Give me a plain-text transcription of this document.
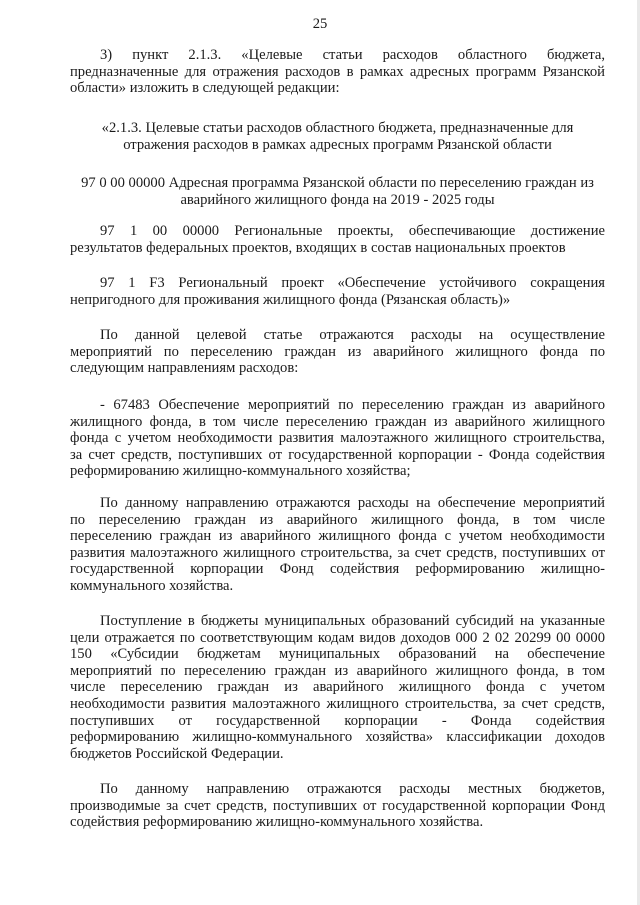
25
3) пункт 2.1.3. «Целевые статьи расходов областного бюджета,
предназначенные для отражения расходов в рамках адресных программ Рязанской
области» изложить в следующей редакции:
«2.1.3. Целевые статьи расходов областного бюджета, предназначенные для
отражения расходов в рамках адресных программ Рязанской области
97 0 00 00000 Адресная программа Рязанской области по переселению граждан из
аварийного жилищного фонда на 2019 - 2025 годы
97 1 00 00000 Региональные проекты, обеспечивающие достижение
результатов федеральных проектов, входящих в состав национальных проектов
97 1 F3 Региональный проект «Обеспечение устойчивого сокращения
непригодного для проживания жилищного фонда (Рязанская область)»
По данной целевой статье отражаются расходы на осуществление
мероприятий по переселению граждан из аварийного жилищного фонда по
следующим направлениям расходов:
- 67483 Обеспечение мероприятий по переселению граждан из аварийного
жилищного фонда, в том числе переселению граждан из аварийного жилищного
фонда с учетом необходимости развития малоэтажного жилищного строительства,
за счет средств, поступивших от государственной корпорации - Фонда содействия
реформированию жилищно-коммунального хозяйства;
По данному направлению отражаются расходы на обеспечение мероприятий
по переселению граждан из аварийного жилищного фонда, в том числе
переселению граждан из аварийного жилищного фонда с учетом необходимости
развития малоэтажного жилищного строительства, за счет средств, поступивших от
государственной корпорации Фонд содействия реформированию жилищно-
коммунального хозяйства.
Поступление в бюджеты муниципальных образований субсидий на указанные
цели отражается по соответствующим кодам видов доходов 000 2 02 20299 00 0000
150 «Субсидии бюджетам муниципальных образований на обеспечение
мероприятий по переселению граждан из аварийного жилищного фонда, в том
числе переселению граждан из аварийного жилищного фонда с учетом
необходимости развития малоэтажного жилищного строительства, за счет средств,
поступивших от государственной корпорации - Фонда содействия
реформированию жилищно-коммунального хозяйства» классификации доходов
бюджетов Российской Федерации.
По данному направлению отражаются расходы местных бюджетов,
производимые за счет средств, поступивших от государственной корпорации Фонд
содействия реформированию жилищно-коммунального хозяйства.
